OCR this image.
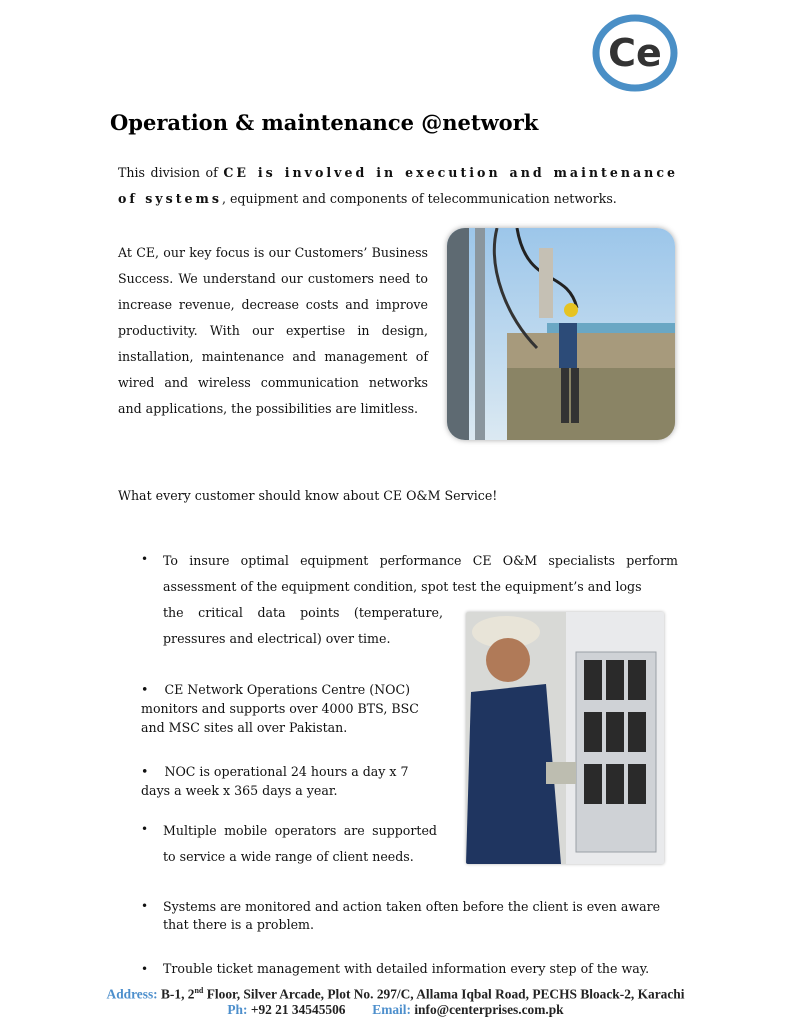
Ce
Operation & maintenance @network
This division of CE is involved in execution and maintenance of systems, equipment and components of telecommunication networks.
At CE, our key focus is our Customers’ Business Success. We understand our customers need to increase revenue, decrease costs and improve productivity. With our expertise in design, installation, maintenance and management of wired and wireless communication networks and applications, the possibilities are limitless.
What every customer should know about CE O&M Service!
• To insure optimal equipment performance CE O&M specialists perform assessment of the equipment condition, spot test the equipment’s and logs
the critical data points (temperature, pressures and electrical) over time.
•    CE Network Operations Centre (NOC) monitors and supports over 4000 BTS, BSC and MSC sites all over Pakistan.
•    NOC is operational 24 hours a day x 7 days a week x 365 days a year.
• Multiple mobile operators are supported to service a wide range of client needs.
• Systems are monitored and action taken often before the client is even aware that there is a problem.
• Trouble ticket management with detailed information every step of the way.
Address: B-1, 2nd Floor, Silver Arcade, Plot No. 297/C, Allama Iqbal Road, PECHS Bloack-2, Karachi
Ph: +92 21 34545506 Email: info@centerprises.com.pk
